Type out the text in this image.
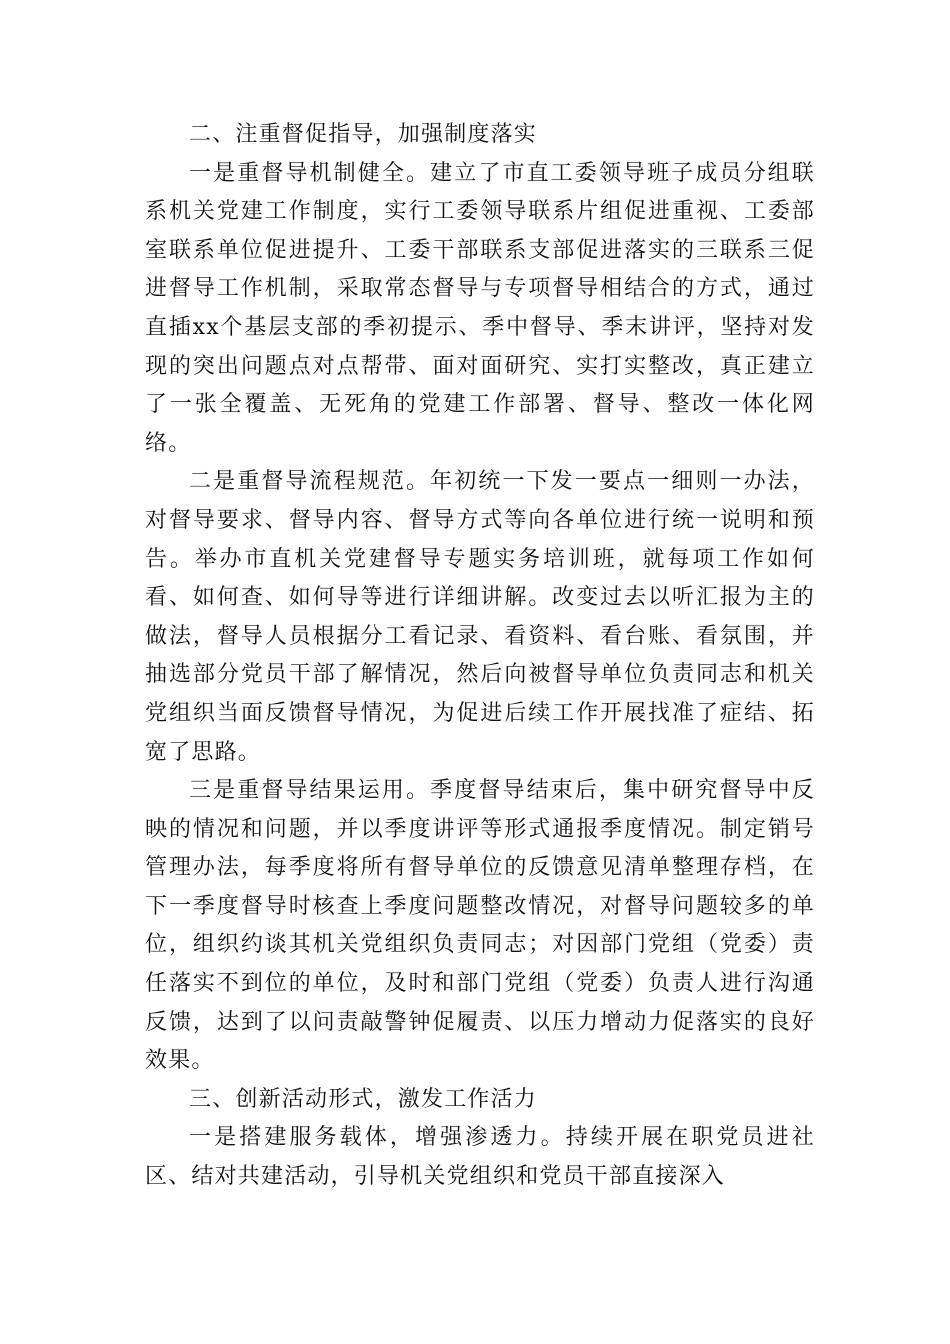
二、注重督促指导，加强制度落实

一是重督导机制健全。建立了市直工委领导班子成员分组联系机关党建工作制度，实行工委领导联系片组促进重视、工委部室联系单位促进提升、工委干部联系支部促进落实的三联系三促进督导工作机制，采取常态督导与专项督导相结合的方式，通过直插xx个基层支部的季初提示、季中督导、季末讲评，坚持对发现的突出问题点对点帮带、面对面研究、实打实整改，真正建立了一张全覆盖、无死角的党建工作部署、督导、整改一体化网络。

二是重督导流程规范。年初统一下发一要点一细则一办法，对督导要求、督导内容、督导方式等向各单位进行统一说明和预告。举办市直机关党建督导专题实务培训班，就每项工作如何看、如何查、如何导等进行详细讲解。改变过去以听汇报为主的做法，督导人员根据分工看记录、看资料、看台账、看氛围，并抽选部分党员干部了解情况，然后向被督导单位负责同志和机关党组织当面反馈督导情况，为促进后续工作开展找准了症结、拓宽了思路。

三是重督导结果运用。季度督导结束后，集中研究督导中反映的情况和问题，并以季度讲评等形式通报季度情况。制定销号管理办法，每季度将所有督导单位的反馈意见清单整理存档，在下一季度督导时核查上季度问题整改情况，对督导问题较多的单位，组织约谈其机关党组织负责同志；对因部门党组（党委）责任落实不到位的单位，及时和部门党组（党委）负责人进行沟通反馈，达到了以问责敲警钟促履责、以压力增动力促落实的良好效果。

三、创新活动形式，激发工作活力

一是搭建服务载体，增强渗透力。持续开展在职党员进社区、结对共建活动，引导机关党组织和党员干部直接深入
